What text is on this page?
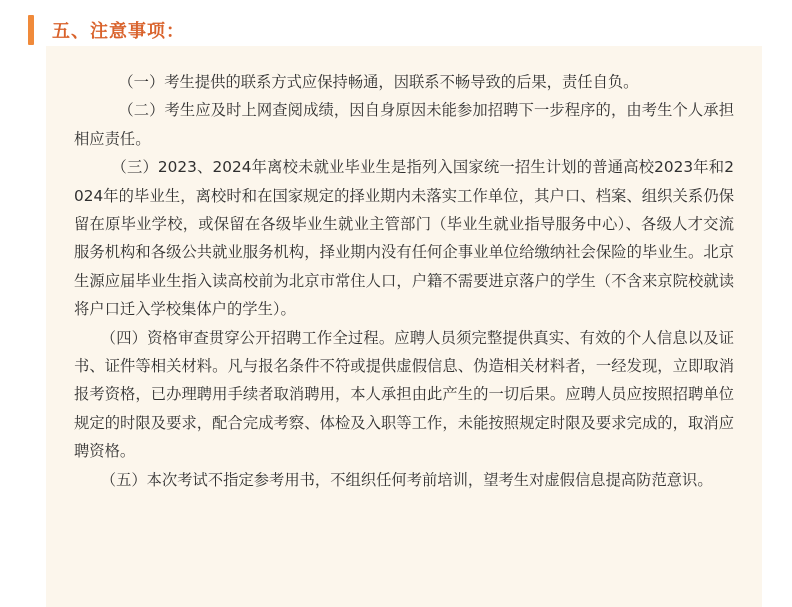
五、注意事项：

（一）考生提供的联系方式应保持畅通，因联系不畅导致的后果，责任自负。

（二）考生应及时上网查阅成绩，因自身原因未能参加招聘下一步程序的，由考生个人承担相应责任。

（三）2023、2024年离校未就业毕业生是指列入国家统一招生计划的普通高校2023年和2024年的毕业生，离校时和在国家规定的择业期内未落实工作单位，其户口、档案、组织关系仍保留在原毕业学校，或保留在各级毕业生就业主管部门（毕业生就业指导服务中心）、各级人才交流服务机构和各级公共就业服务机构，择业期内没有任何企事业单位给缴纳社会保险的毕业生。北京生源应届毕业生指入读高校前为北京市常住人口，户籍不需要进京落户的学生（不含来京院校就读将户口迁入学校集体户的学生）。

（四）资格审查贯穿公开招聘工作全过程。应聘人员须完整提供真实、有效的个人信息以及证书、证件等相关材料。凡与报名条件不符或提供虚假信息、伪造相关材料者，一经发现，立即取消报考资格，已办理聘用手续者取消聘用，本人承担由此产生的一切后果。应聘人员应按照招聘单位规定的时限及要求，配合完成考察、体检及入职等工作，未能按照规定时限及要求完成的，取消应聘资格。

（五）本次考试不指定参考用书，不组织任何考前培训，望考生对虚假信息提高防范意识。
